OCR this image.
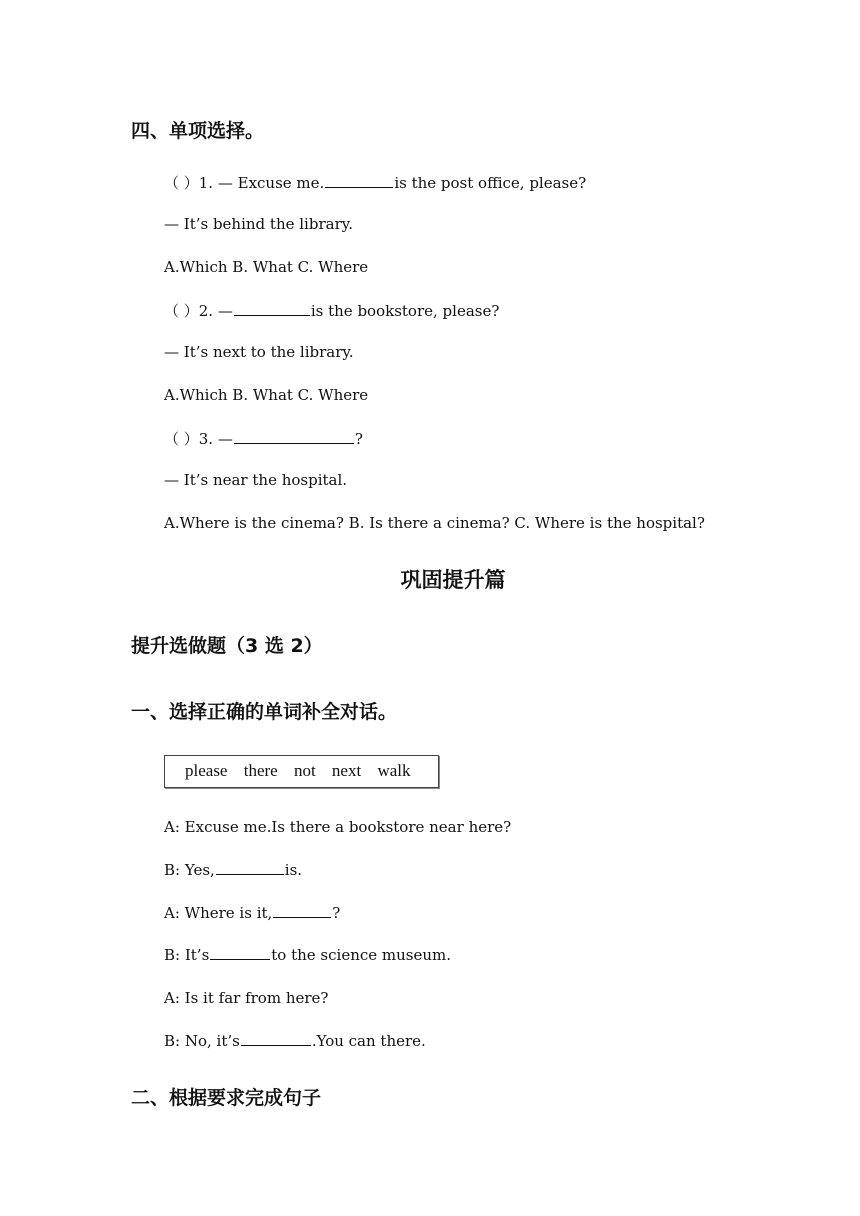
四、单项选择。
（ ）1. — Excuse me.	is the post office, please?
— It’s behind the library.
A.Which B. What C. Where
（ ）2. —	is the bookstore, please?
— It’s next to the library.
A.Which B. What C. Where
（ ）3. —	?
— It’s near the hospital.
A.Where is the cinema? B. Is there a cinema? C. Where is the hospital?
巩固提升篇
提升选做题（3 选 2）
一、选择正确的单词补全对话。
please there not next walk
A: Excuse me.Is there a bookstore near here?
B: Yes,	is.
A: Where is it,	?
B: It’s	to the science museum.
A: Is it far from here?
B: No, it’s	.You can there.
二、根据要求完成句子
